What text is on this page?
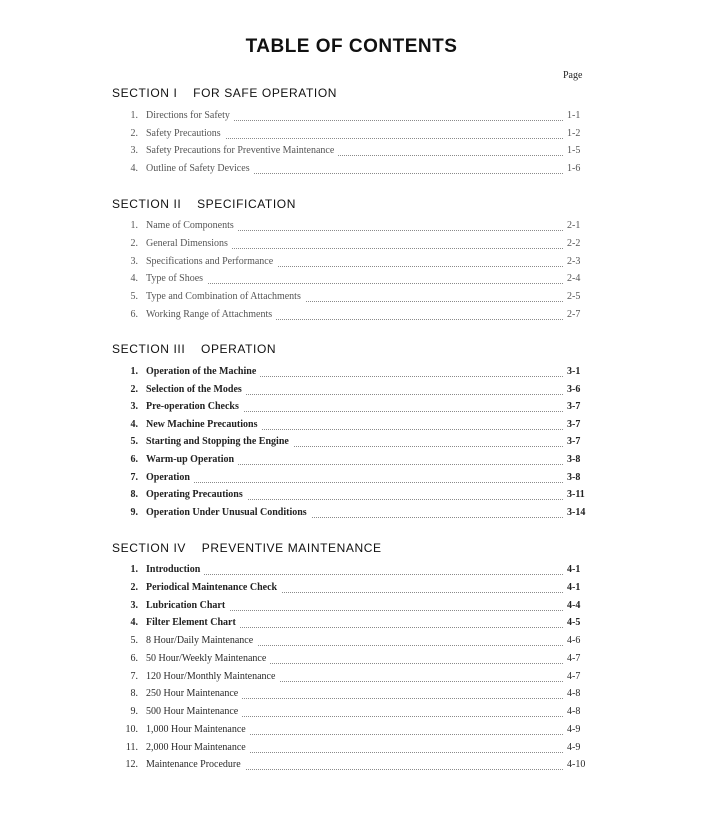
TABLE OF CONTENTS
Page
SECTION I    FOR SAFE OPERATION
1. Directions for Safety	1-1
2. Safety Precautions	1-2
3. Safety Precautions for Preventive Maintenance	1-5
4. Outline of Safety Devices	1-6
SECTION II    SPECIFICATION
1. Name of Components	2-1
2. General Dimensions	2-2
3. Specifications and Performance	2-3
4. Type of Shoes	2-4
5. Type and Combination of Attachments	2-5
6. Working Range of Attachments	2-7
SECTION III    OPERATION
1. Operation of the Machine	3-1
2. Selection of the Modes	3-6
3. Pre-operation Checks	3-7
4. New Machine Precautions	3-7
5. Starting and Stopping the Engine	3-7
6. Warm-up Operation	3-8
7. Operation	3-8
8. Operating Precautions	3-11
9. Operation Under Unusual Conditions	3-14
SECTION IV    PREVENTIVE MAINTENANCE
1. Introduction	4-1
2. Periodical Maintenance Check	4-1
3. Lubrication Chart	4-4
4. Filter Element Chart	4-5
5. 8 Hour/Daily Maintenance	4-6
6. 50 Hour/Weekly Maintenance	4-7
7. 120 Hour/Monthly Maintenance	4-7
8. 250 Hour Maintenance	4-8
9. 500 Hour Maintenance	4-8
10. 1,000 Hour Maintenance	4-9
11. 2,000 Hour Maintenance	4-9
12. Maintenance Procedure	4-10
